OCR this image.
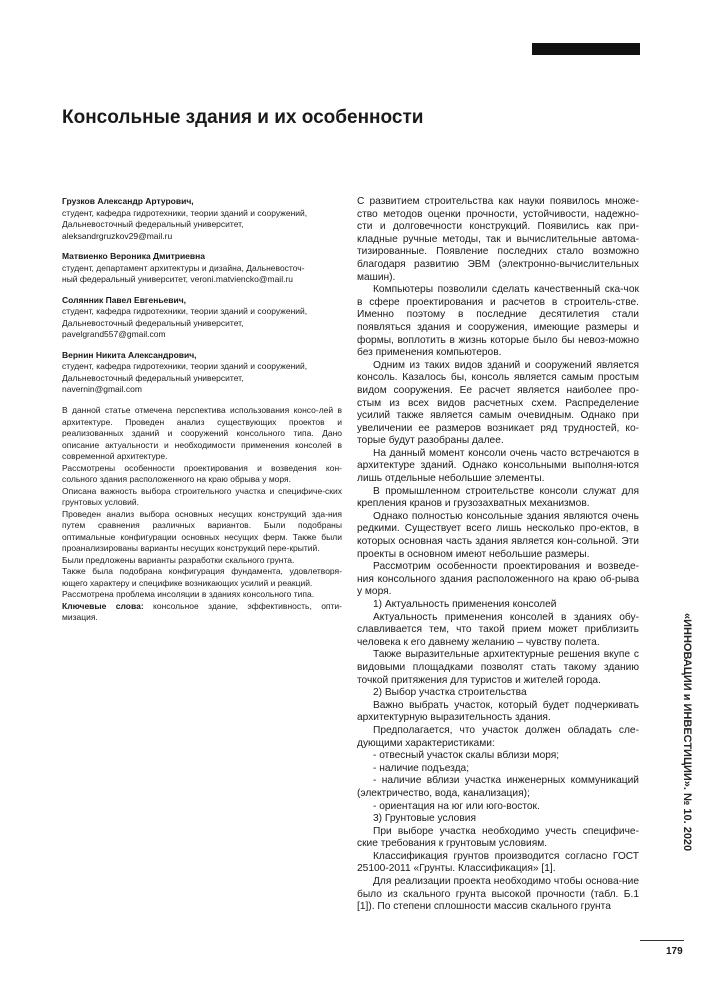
Консольные здания и их особенности
Грузков Александр Артурович,
студент, кафедра гидротехники, теории зданий и сооружений,
Дальневосточный федеральный университет,
aleksandrgruzkov29@mail.ru
Матвиенко Вероника Дмитриевна
студент, департамент архитектуры и дизайна, Дальневосточ-
ный федеральный университет, veroni.matviencko@mail.ru
Солянник Павел Евгеньевич,
студент, кафедра гидротехники, теории зданий и сооружений,
Дальневосточный федеральный университет,
pavelgrand557@gmail.com
Вернин Никита Александрович,
студент, кафедра гидротехники, теории зданий и сооружений,
Дальневосточный федеральный университет,
navernin@gmail.com

В данной статье отмечена перспектива использования консо-лей в архитектуре. Проведен анализ существующих проектов и реализованных зданий и сооружений консольного типа. Дано описание актуальности и необходимости применения консолей в современной архитектуре.

Рассмотрены особенности проектирования и возведения кон-сольного здания расположенного на краю обрыва у моря.

Описана важность выбора строительного участка и специфиче-ских грунтовых условий.

Проведен анализ выбора основных несущих конструкций зда-ния путем сравнения различных вариантов. Были подобраны оптимальные конфигурации основных несущих ферм. Также были проанализированы варианты несущих конструкций пере-крытий.

Были предложены варианты разработки скального грунта.

Также была подобрана конфигурация фундамента, удовлетворя-ющего характеру и специфике возникающих усилий и реакций.

Рассмотрена проблема инсоляции в зданиях консольного типа.

Ключевые слова: консольное здание, эффективность, опти-мизация.

С развитием строительства как науки появилось множе-ство методов оценки прочности, устойчивости, надежно-сти и долговечности конструкций. Появились как при-кладные ручные методы, так и вычислительные автома-тизированные. Появление последних стало возможно благодаря развитию ЭВМ (электронно-вычислительных машин).

Компьютеры позволили сделать качественный ска-чок в сфере проектирования и расчетов в строитель-стве. Именно поэтому в последние десятилетия стали появляться здания и сооружения, имеющие размеры и формы, воплотить в жизнь которые было бы невоз-можно без применения компьютеров.

Одним из таких видов зданий и сооружений является консоль. Казалось бы, консоль является самым простым видом сооружения. Ее расчет является наиболее про-стым из всех видов расчетных схем. Распределение усилий также является самым очевидным. Однако при увеличении ее размеров возникает ряд трудностей, ко-торые будут разобраны далее.

На данный момент консоли очень часто встречаются в архитектуре зданий. Однако консольными выполня-ются лишь отдельные небольшие элементы.

В промышленном строительстве консоли служат для крепления кранов и грузозахватных механизмов.

Однако полностью консольные здания являются очень редкими. Существует всего лишь несколько про-ектов, в которых основная часть здания является кон-сольной. Эти проекты в основном имеют небольшие размеры.

Рассмотрим особенности проектирования и возведе-ния консольного здания расположенного на краю об-рыва у моря.

1) Актуальность применения консолей

Актуальность применения консолей в зданиях обу-славливается тем, что такой прием может приблизить человека к его давнему желанию – чувству полета.

Также выразительные архитектурные решения вкупе с видовыми площадками позволят стать такому зданию точкой притяжения для туристов и жителей города.

2) Выбор участка строительства

Важно выбрать участок, который будет подчеркивать архитектурную выразительность здания.

Предполагается, что участок должен обладать сле-дующими характеристиками:

- отвесный участок скалы вблизи моря;

- наличие подъезда;

- наличие вблизи участка инженерных коммуникаций (электричество, вода, канализация);

- ориентация на юг или юго-восток.

3) Грунтовые условия

При выборе участка необходимо учесть специфиче-ские требования к грунтовым условиям.

Классификация грунтов производится согласно ГОСТ 25100-2011 «Грунты. Классификация» [1].

Для реализации проекта необходимо чтобы основа-ние было из скального грунта высокой прочности (табл. Б.1 [1]). По степени сплошности массив скального грунта

«ИННОВАЦИИ и ИНВЕСТИЦИИ». № 10. 2020
179
